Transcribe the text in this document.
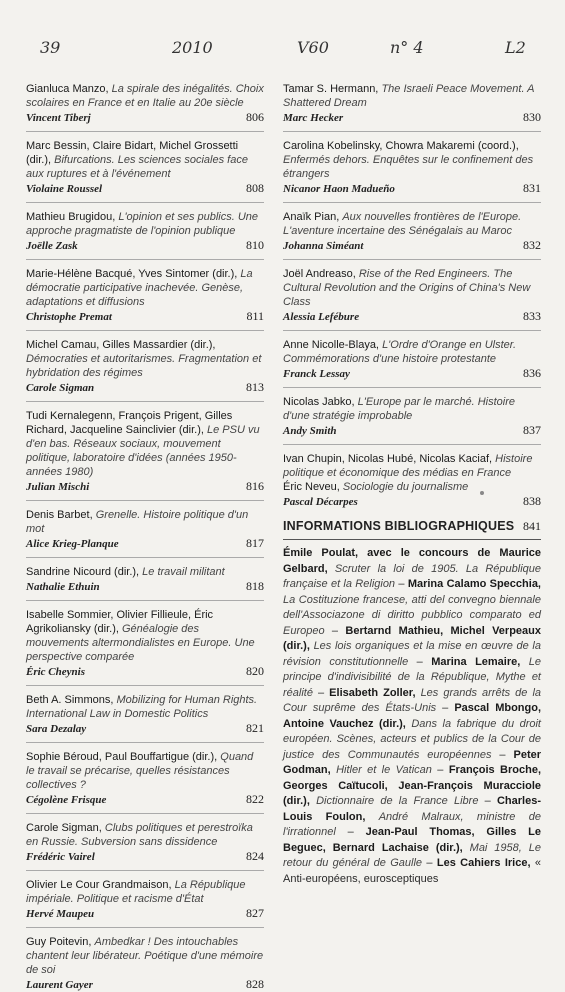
39	2010	V60	n° 4	L2
Gianluca Manzo, La spirale des inégalités. Choix scolaires en France et en Italie au 20e siècle
Vincent Tiberj	806
Marc Bessin, Claire Bidart, Michel Grossetti (dir.), Bifurcations. Les sciences sociales face aux ruptures et à l'événement
Violaine Roussel	808
Mathieu Brugidou, L'opinion et ses publics. Une approche pragmatiste de l'opinion publique
Joëlle Zask	810
Marie-Hélène Bacqué, Yves Sintomer (dir.), La démocratie participative inachevée. Genèse, adaptations et diffusions
Christophe Premat	811
Michel Camau, Gilles Massardier (dir.), Démocraties et autoritarismes. Fragmentation et hybridation des régimes
Carole Sigman	813
Tudi Kernalegenn, François Prigent, Gilles Richard, Jacqueline Sainclivier (dir.), Le PSU vu d'en bas. Réseaux sociaux, mouvement politique, laboratoire d'idées (années 1950-années 1980)
Julian Mischi	816
Denis Barbet, Grenelle. Histoire politique d'un mot
Alice Krieg-Planque	817
Sandrine Nicourd (dir.), Le travail militant
Nathalie Ethuin	818
Isabelle Sommier, Olivier Fillieule, Éric Agrikoliansky (dir.), Généalogie des mouvements altermondialistes en Europe. Une perspective comparée
Éric Cheynis	820
Beth A. Simmons, Mobilizing for Human Rights. International Law in Domestic Politics
Sara Dezalay	821
Sophie Béroud, Paul Bouffartigue (dir.), Quand le travail se précarise, quelles résistances collectives ?
Cégolène Frisque	822
Carole Sigman, Clubs politiques et perestroïka en Russie. Subversion sans dissidence
Frédéric Vairel	824
Olivier Le Cour Grandmaison, La République impériale. Politique et racisme d'État
Hervé Maupeu	827
Guy Poitevin, Ambedkar ! Des intouchables chantent leur libérateur. Poétique d'une mémoire de soi
Laurent Gayer	828
Tamar S. Hermann, The Israeli Peace Movement. A Shattered Dream
Marc Hecker	830
Carolina Kobelinsky, Chowra Makaremi (coord.), Enfermés dehors. Enquêtes sur le confinement des étrangers
Nicanor Haon Madueño	831
Anaïk Pian, Aux nouvelles frontières de l'Europe. L'aventure incertaine des Sénégalais au Maroc
Johanna Siméant	832
Joël Andreaso, Rise of the Red Engineers. The Cultural Revolution and the Origins of China's New Class
Alessia Lefébure	833
Anne Nicolle-Blaya, L'Ordre d'Orange en Ulster. Commémorations d'une histoire protestante
Franck Lessay	836
Nicolas Jabko, L'Europe par le marché. Histoire d'une stratégie improbable
Andy Smith	837
Ivan Chupin, Nicolas Hubé, Nicolas Kaciaf, Histoire politique et économique des médias en France
Éric Neveu, Sociologie du journalisme
Pascal Décarpes	838
INFORMATIONS BIBLIOGRAPHIQUES 841
Émile Poulat, avec le concours de Maurice Gelbard, Scruter la loi de 1905. La République française et la Religion – Marina Calamo Specchia, La Costituzione francese, atti del convegno biennale dell'Associazone di diritto pubblico comparato ed Europeo – Bertarnd Mathieu, Michel Verpeaux (dir.), Les lois organiques et la mise en œuvre de la révision constitutionnelle – Marina Lemaire, Le principe d'indivisibilité de la République, Mythe et réalité – Elisabeth Zoller, Les grands arrêts de la Cour suprême des États-Unis – Pascal Mbongo, Antoine Vauchez (dir.), Dans la fabrique du droit européen. Scènes, acteurs et publics de la Cour de justice des Communautés européennes – Peter Godman, Hitler et le Vatican – François Broche, Georges Caïtucoli, Jean-François Muracciole (dir.), Dictionnaire de la France Libre – Charles-Louis Foulon, André Malraux, ministre de l'irrationnel – Jean-Paul Thomas, Gilles Le Beguec, Bernard Lachaise (dir.), Mai 1958, Le retour du général de Gaulle – Les Cahiers Irice, « Anti-européens, eurosceptiques
